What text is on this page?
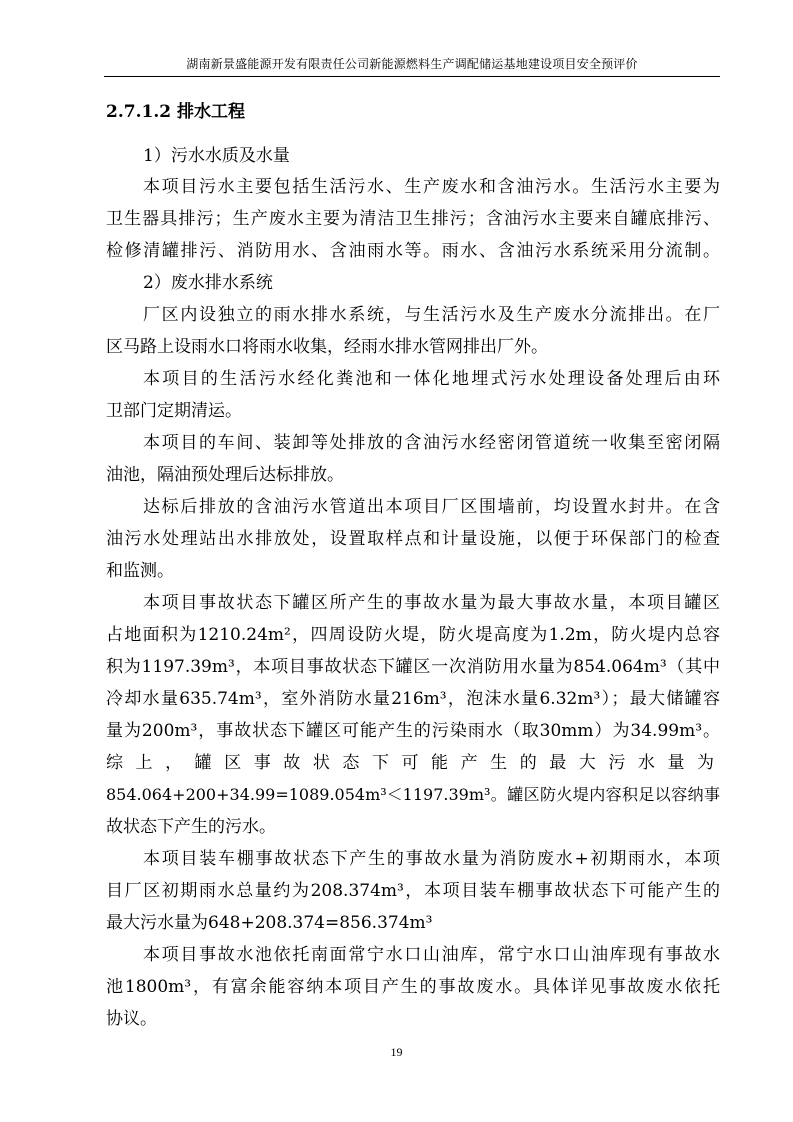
湖南新景盛能源开发有限责任公司新能源燃料生产调配储运基地建设项目安全预评价
2.7.1.2 排水工程
1）污水水质及水量
本项目污水主要包括生活污水、生产废水和含油污水。生活污水主要为
卫生器具排污；生产废水主要为清洁卫生排污；含油污水主要来自罐底排污、
检修清罐排污、消防用水、含油雨水等。雨水、含油污水系统采用分流制。
2）废水排水系统
厂区内设独立的雨水排水系统，与生活污水及生产废水分流排出。在厂
区马路上设雨水口将雨水收集，经雨水排水管网排出厂外。
本项目的生活污水经化粪池和一体化地埋式污水处理设备处理后由环
卫部门定期清运。
本项目的车间、装卸等处排放的含油污水经密闭管道统一收集至密闭隔
油池，隔油预处理后达标排放。
达标后排放的含油污水管道出本项目厂区围墙前，均设置水封井。在含
油污水处理站出水排放处，设置取样点和计量设施，以便于环保部门的检查
和监测。
本项目事故状态下罐区所产生的事故水量为最大事故水量，本项目罐区
占地面积为1210.24m²，四周设防火堤，防火堤高度为1.2m，防火堤内总容
积为1197.39m³，本项目事故状态下罐区一次消防用水量为854.064m³（其中
冷却水量635.74m³，室外消防水量216m³，泡沫水量6.32m³）；最大储罐容
量为200m³，事故状态下罐区可能产生的污染雨水（取30mm）为34.99m³。
综上，罐区事故状态下可能产生的最大污水量为
854.064+200+34.99=1089.054m³＜1197.39m³。罐区防火堤内容积足以容纳事
故状态下产生的污水。
本项目装车棚事故状态下产生的事故水量为消防废水+初期雨水，本项
目厂区初期雨水总量约为208.374m³，本项目装车棚事故状态下可能产生的
最大污水量为648+208.374=856.374m³
本项目事故水池依托南面常宁水口山油库，常宁水口山油库现有事故水
池1800m³，有富余能容纳本项目产生的事故废水。具体详见事故废水依托
协议。
19
